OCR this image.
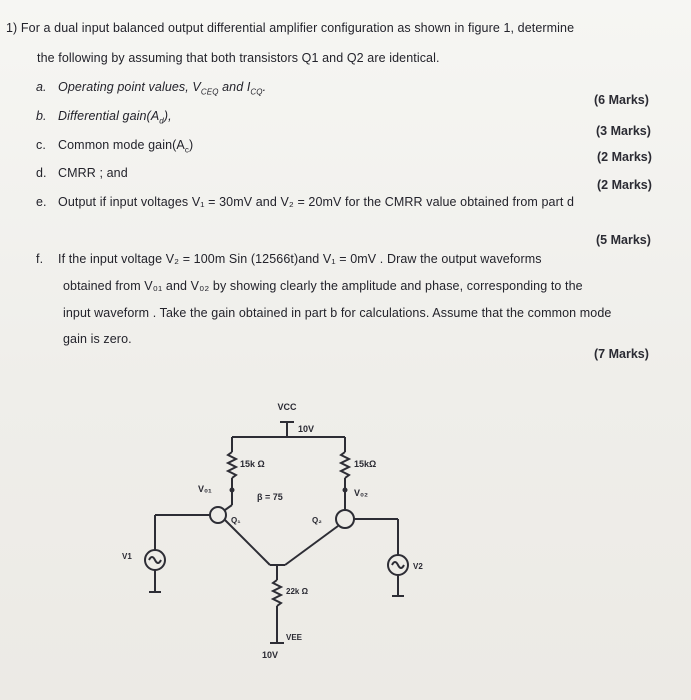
1) For a dual input balanced output differential amplifier configuration as shown in figure 1, determine
the following by assuming that both transistors Q1 and Q2 are identical.
a. Operating point values, $V_{CEQ}$ and $I_{CQ}$.
(6 Marks)
b. Differential $gain(A_d)$,
(3 Marks)
c. Common mode $gain(A_c)$
(2 Marks)
d. CMRR ; and
(2 Marks)
e. Output if input voltages V₁ = 30mV and V₂ = 20mV for the CMRR value obtained from part d
(5 Marks)
f. If the input voltage V₂ = 100m Sin (12566t)and V₁ = 0mV . Draw the output waveforms
obtained from V₀₁ and V₀₂ by showing clearly the amplitude and phase, corresponding to the
input waveform . Take the gain obtained in part b for calculations. Assume that the common mode
gain is zero.
(7 Marks)
VCC
10V
15k Ω	15kΩ
V₀₁	V₀₂
β = 75
Q₁	Q₂
V1
V2
22k Ω
VEE
10V
